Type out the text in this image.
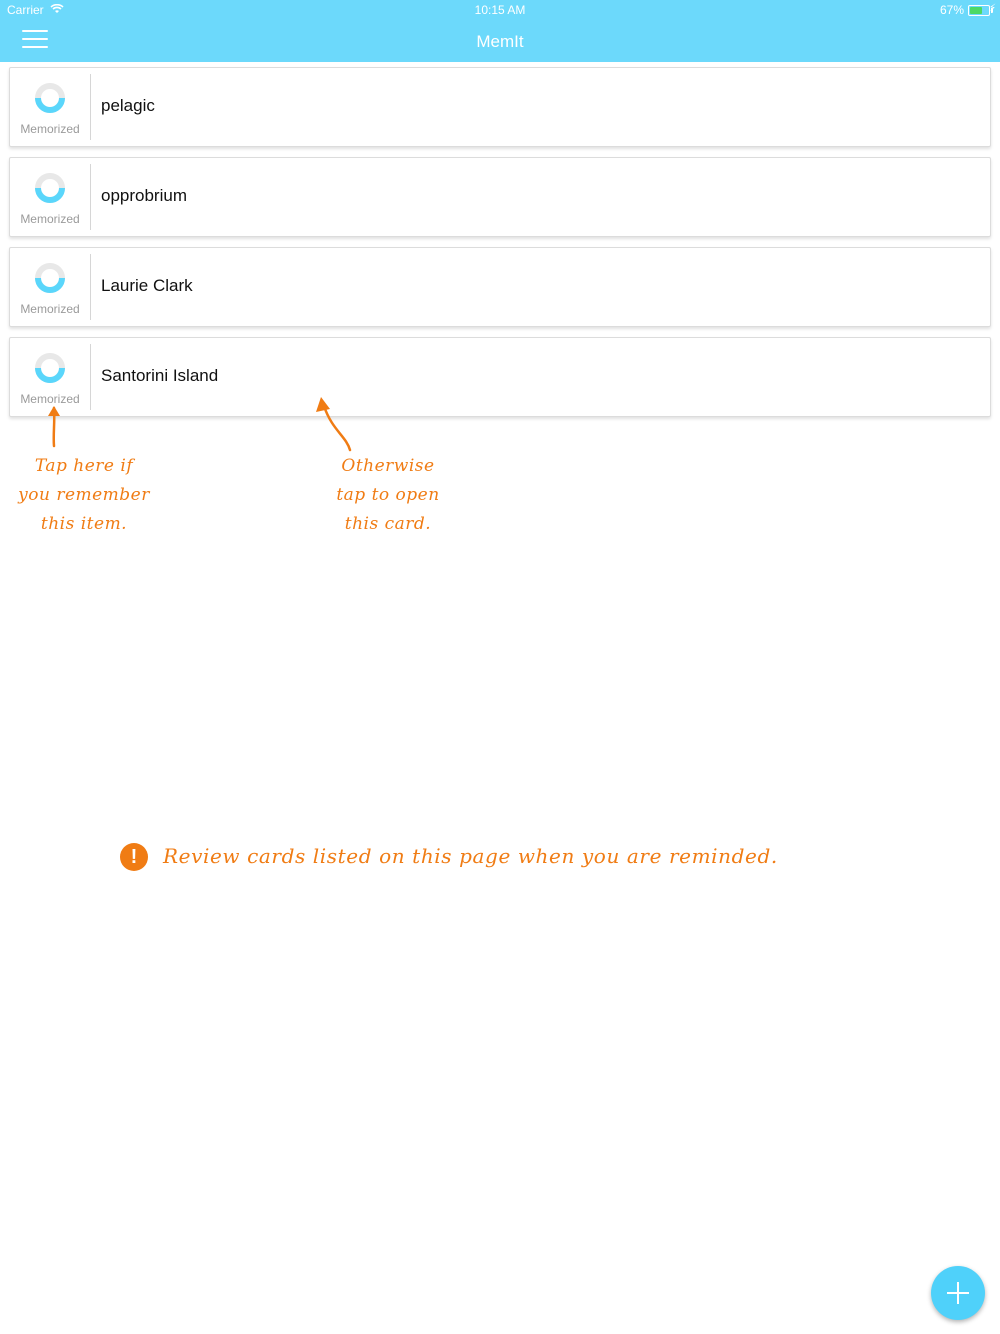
Carrier	10:15 AM	67% ⚡
MemIt
Memorized
pelagic
Memorized
opprobrium
Memorized
Laurie Clark
Memorized
Santorini Island
Tap here if
you remember
this item.
Otherwise
tap to open
this card.
!	Review cards listed on this page when you are reminded.
